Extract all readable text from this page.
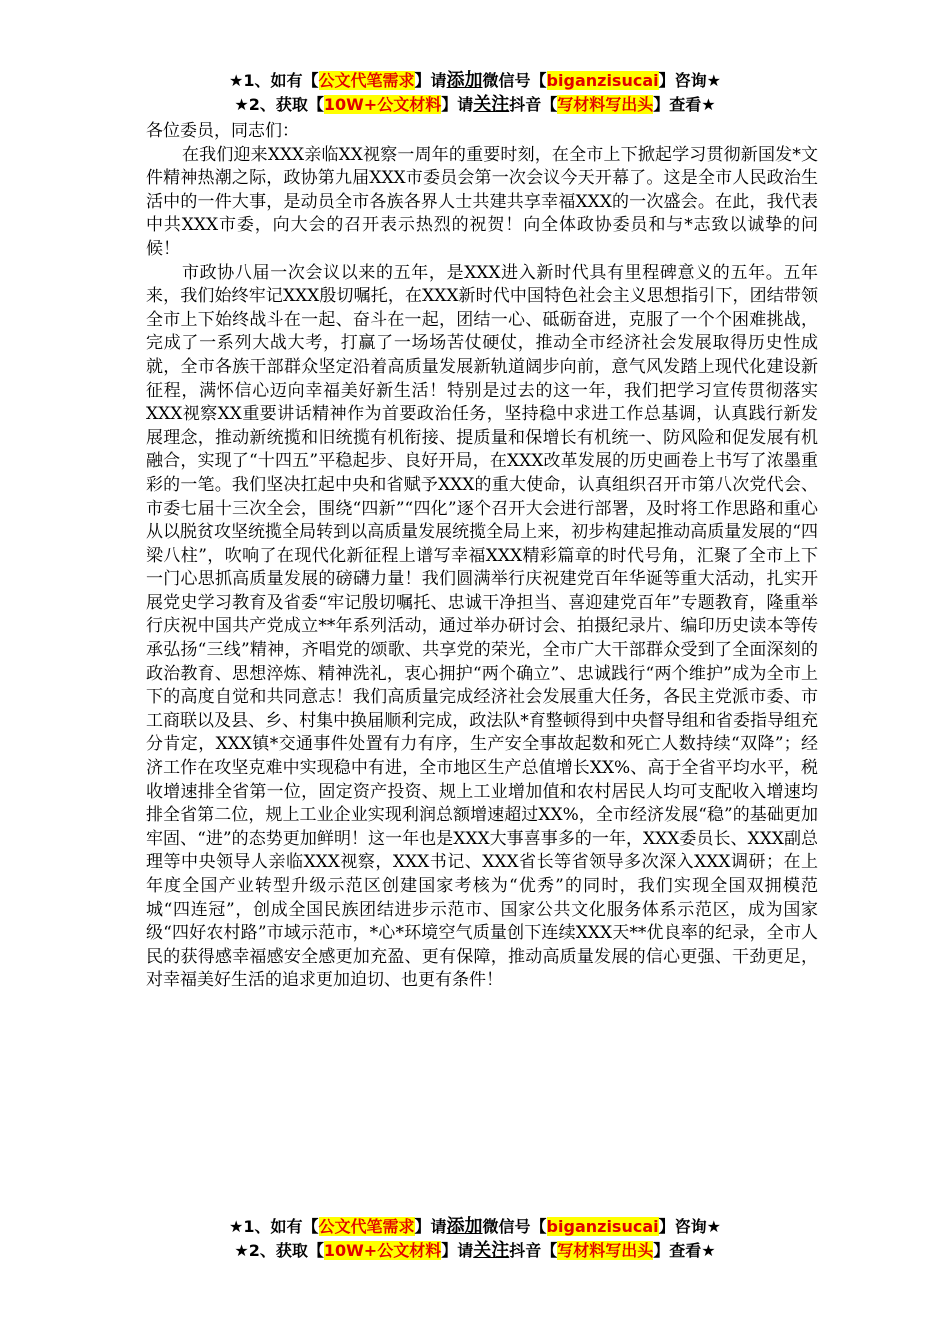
★1、如有【公文代笔需求】请添加微信号【biganzisucai】咨询★
★2、获取【10W+公文材料】请关注抖音【写材料写出头】查看★

各位委员，同志们：

在我们迎来XXX亲临XX视察一周年的重要时刻，在全市上下掀起学习贯彻新国发*文件精神热潮之际，政协第九届XXX市委员会第一次会议今天开幕了。这是全市人民政治生活中的一件大事，是动员全市各族各界人士共建共享幸福XXX的一次盛会。在此，我代表中共XXX市委，向大会的召开表示热烈的祝贺！向全体政协委员和与*志致以诚挚的问候！

市政协八届一次会议以来的五年，是XXX进入新时代具有里程碑意义的五年。五年来，我们始终牢记XXX殷切嘱托，在XXX新时代中国特色社会主义思想指引下，团结带领全市上下始终战斗在一起、奋斗在一起，团结一心、砥砺奋进，克服了一个个困难挑战，完成了一系列大战大考，打赢了一场场苦仗硬仗，推动全市经济社会发展取得历史性成就，全市各族干部群众坚定沿着高质量发展新轨道阔步向前，意气风发踏上现代化建设新征程，满怀信心迈向幸福美好新生活！特别是过去的这一年，我们把学习宣传贯彻落实XXX视察XX重要讲话精神作为首要政治任务，坚持稳中求进工作总基调，认真践行新发展理念，推动新统揽和旧统揽有机衔接、提质量和保增长有机统一、防风险和促发展有机融合，实现了“十四五”平稳起步、良好开局，在XXX改革发展的历史画卷上书写了浓墨重彩的一笔。我们坚决扛起中央和省赋予XXX的重大使命，认真组织召开市第八次党代会、市委七届十三次全会，围绕“四新”“四化”逐个召开大会进行部署，及时将工作思路和重心从以脱贫攻坚统揽全局转到以高质量发展统揽全局上来，初步构建起推动高质量发展的“四梁八柱”，吹响了在现代化新征程上谱写幸福XXX精彩篇章的时代号角，汇聚了全市上下一门心思抓高质量发展的磅礴力量！我们圆满举行庆祝建党百年华诞等重大活动，扎实开展党史学习教育及省委“牢记殷切嘱托、忠诚干净担当、喜迎建党百年”专题教育，隆重举行庆祝中国共产党成立**年系列活动，通过举办研讨会、拍摄纪录片、编印历史读本等传承弘扬“三线”精神，齐唱党的颂歌、共享党的荣光，全市广大干部群众受到了全面深刻的政治教育、思想淬炼、精神洗礼，衷心拥护“两个确立”、忠诚践行“两个维护”成为全市上下的高度自觉和共同意志！我们高质量完成经济社会发展重大任务，各民主党派市委、市工商联以及县、乡、村集中换届顺利完成，政法队*育整顿得到中央督导组和省委指导组充分肯定，XXX镇*交通事件处置有力有序，生产安全事故起数和死亡人数持续“双降”；经济工作在攻坚克难中实现稳中有进，全市地区生产总值增长XX%、高于全省平均水平，税收增速排全省第一位，固定资产投资、规上工业增加值和农村居民人均可支配收入增速均排全省第二位，规上工业企业实现利润总额增速超过XX%，全市经济发展“稳”的基础更加牢固、“进”的态势更加鲜明！这一年也是XXX大事喜事多的一年，XXX委员长、XXX副总理等中央领导人亲临XXX视察，XXX书记、XXX省长等省领导多次深入XXX调研；在上年度全国产业转型升级示范区创建国家考核为“优秀”的同时，我们实现全国双拥模范城“四连冠”，创成全国民族团结进步示范市、国家公共文化服务体系示范区，成为国家级“四好农村路”市域示范市，*心*环境空气质量创下连续XXX天**优良率的纪录，全市人民的获得感幸福感安全感更加充盈、更有保障，推动高质量发展的信心更强、干劲更足，对幸福美好生活的追求更加迫切、也更有条件！

★1、如有【公文代笔需求】请添加微信号【biganzisucai】咨询★
★2、获取【10W+公文材料】请关注抖音【写材料写出头】查看★
